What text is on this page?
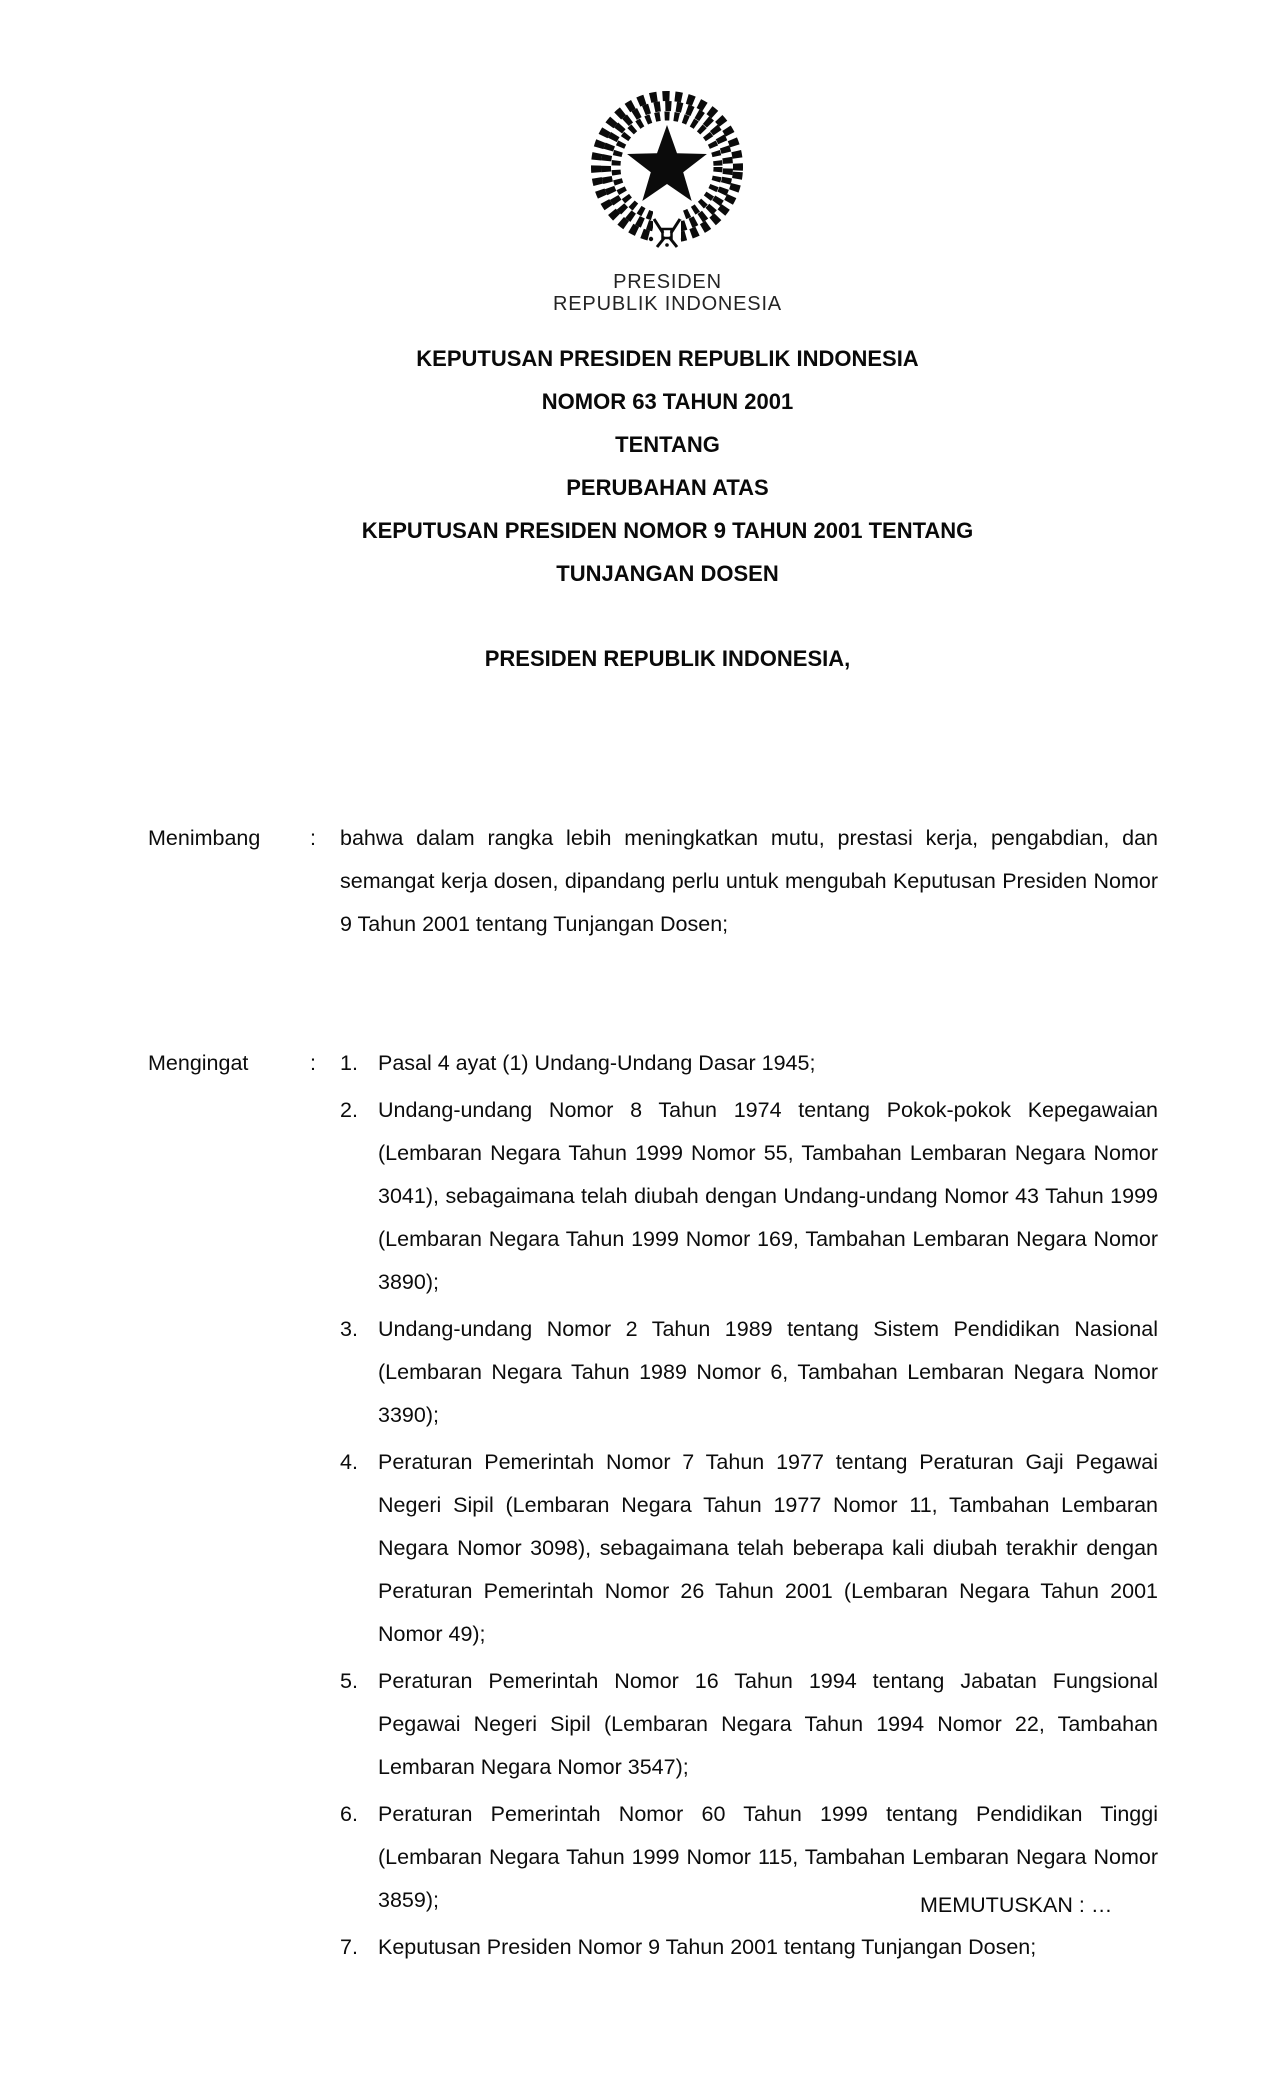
PRESIDEN
REPUBLIK INDONESIA
KEPUTUSAN PRESIDEN REPUBLIK INDONESIA
NOMOR 63 TAHUN 2001
TENTANG
PERUBAHAN ATAS
KEPUTUSAN PRESIDEN NOMOR 9 TAHUN 2001 TENTANG
TUNJANGAN DOSEN
PRESIDEN REPUBLIK INDONESIA,
Menimbang	:	bahwa dalam rangka lebih meningkatkan mutu, prestasi kerja, pengabdian, dan semangat kerja dosen, dipandang perlu untuk mengubah Keputusan Presiden Nomor 9 Tahun 2001 tentang Tunjangan Dosen;
Mengingat	:	Pasal 4 ayat (1) Undang-Undang Dasar 1945;
Undang-undang Nomor 8 Tahun 1974 tentang Pokok-pokok Kepegawaian (Lembaran Negara Tahun 1999 Nomor 55, Tambahan Lembaran Negara Nomor 3041), sebagaimana telah diubah dengan Undang-undang Nomor 43 Tahun 1999 (Lembaran Negara Tahun 1999 Nomor 169, Tambahan Lembaran Negara Nomor 3890);
Undang-undang Nomor 2 Tahun 1989 tentang Sistem Pendidikan Nasional (Lembaran Negara Tahun 1989 Nomor 6, Tambahan Lembaran Negara Nomor 3390);
Peraturan Pemerintah Nomor 7 Tahun 1977 tentang Peraturan Gaji Pegawai Negeri Sipil (Lembaran Negara Tahun 1977 Nomor 11, Tambahan Lembaran Negara Nomor 3098), sebagaimana telah beberapa kali diubah terakhir dengan Peraturan Pemerintah Nomor 26 Tahun 2001 (Lembaran Negara Tahun 2001 Nomor 49);
Peraturan Pemerintah Nomor 16 Tahun 1994 tentang Jabatan Fungsional Pegawai Negeri Sipil (Lembaran Negara Tahun 1994 Nomor 22, Tambahan Lembaran Negara Nomor 3547);
Peraturan Pemerintah Nomor 60 Tahun 1999 tentang Pendidikan Tinggi (Lembaran Negara Tahun 1999 Nomor 115, Tambahan Lembaran Negara Nomor 3859);
Keputusan Presiden Nomor 9 Tahun 2001 tentang Tunjangan Dosen;
MEMUTUSKAN : …
